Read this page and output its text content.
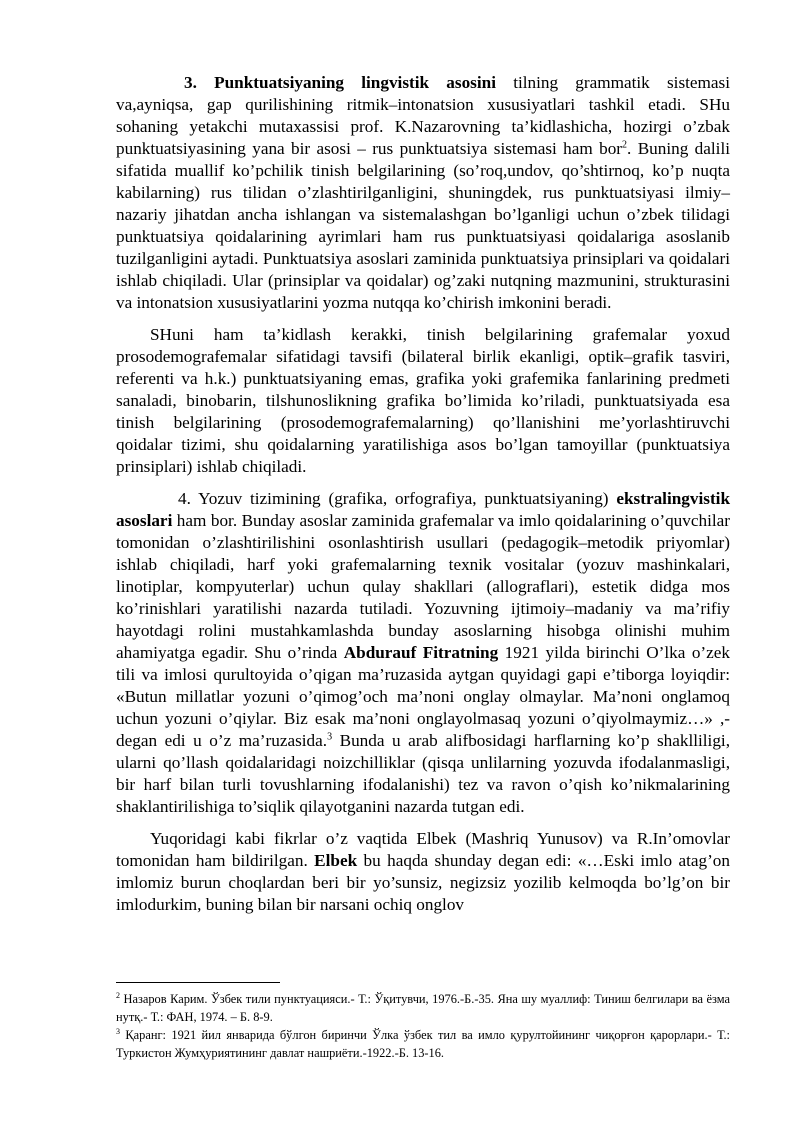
3. Punktuatsiyaning lingvistik asosini tilning grammatik sistemasi va,ayniqsa, gap qurilishining ritmik–intonatsion xususiyatlari tashkil etadi. SHu sohaning yetakchi mutaxassisi prof. K.Nazarovning ta’kidlashicha, hozirgi o’zbak punktuatsiyasining yana bir asosi – rus punktuatsiya sistemasi ham bor$^2$. Buning dalili sifatida muallif ko’pchilik tinish belgilarining (so’roq,undov, qo’shtirnoq, ko’p nuqta kabilarning) rus tilidan o’zlashtirilganligini, shuningdek, rus punktuatsiyasi ilmiy–nazariy jihatdan ancha ishlangan va sistemalashgan bo’lganligi uchun o’zbek tilidagi punktuatsiya qoidalarining ayrimlari ham rus punktuatsiyasi qoidalariga asoslanib tuzilganligini aytadi. Punktuatsiya asoslari zaminida punktuatsiya prinsiplari va qoidalari ishlab chiqiladi. Ular (prinsiplar va qoidalar) og’zaki nutqning mazmunini, strukturasini va intonatsion xususiyatlarini yozma nutqqa ko’chirish imkonini beradi.

SHuni ham ta’kidlash kerakki, tinish belgilarining grafemalar yoxud prosodemografemalar sifatidagi tavsifi (bilateral birlik ekanligi, optik–grafik tasviri, referenti va h.k.) punktuatsiyaning emas, grafika yoki grafemika fanlarining predmeti sanaladi, binobarin, tilshunoslikning grafika bo’limida ko’riladi, punktuatsiyada esa tinish belgilarining (prosodemografemalarning) qo’llanishini me’yorlashtiruvchi qoidalar tizimi, shu qoidalarning yaratilishiga asos bo’lgan tamoyillar (punktuatsiya prinsiplari) ishlab chiqiladi.

4. Yozuv tizimining (grafika, orfografiya, punktuatsiyaning) ekstralingvistik asoslari ham bor. Bunday asoslar zaminida grafemalar va imlo qoidalarining o’quvchilar tomonidan o’zlashtirilishini osonlashtirish usullari (pedagogik–metodik priyomlar) ishlab chiqiladi, harf yoki grafemalarning texnik vositalar (yozuv mashinkalari, linotiplar, kompyuterlar) uchun qulay shakllari (allograflari), estetik didga mos ko’rinishlari yaratilishi nazarda tutiladi. Yozuvning ijtimoiy–madaniy va ma’rifiy hayotdagi rolini mustahkamlashda bunday asoslarning hisobga olinishi muhim ahamiyatga egadir. Shu o’rinda Abdurauf Fitratning 1921 yilda birinchi O’lka o’zek tili va imlosi qurultoyida o’qigan ma’ruzasida aytgan quyidagi gapi e’tiborga loyiqdir: «Butun millatlar yozuni o’qimog’och ma’noni onglay olmaylar. Ma’noni onglamoq uchun yozuni o’qiylar. Biz esak ma’noni onglayolmasaq yozuni o’qiyolmaymiz…» ,- degan edi u o’z ma’ruzasida.$^3$ Bunda u arab alifbosidagi harflarning ko’p shaklliligi, ularni qo’llash qoidalaridagi noizchilliklar (qisqa unlilarning yozuvda ifodalanmasligi, bir harf bilan turli tovushlarning ifodalanishi) tez va ravon o’qish ko’nikmalarining shaklantirilishiga to’siqlik qilayotganini nazarda tutgan edi.

Yuqoridagi kabi fikrlar o’z vaqtida Elbek (Mashriq Yunusov) va R.In’omovlar tomonidan ham bildirilgan. Elbek bu haqda shunday degan edi: «…Eski imlo atag’on imlomiz burun choqlardan beri bir yo’sunsiz, negizsiz yozilib kelmoqda bo’lg’on bir imlodurkim, buning bilan bir narsani ochiq onglov

$^2$ Назаров Карим. Ўзбек тили пунктуацияси.- Т.: Ўқитувчи, 1976.-Б.-35. Яна шу муаллиф: Тиниш белгилари ва ёзма нутқ.- Т.: ФАН, 1974. – Б. 8-9.

$^3$ Қаранг: 1921 йил январида бўлгон биринчи Ўлка ўзбек тил ва имло қурултойининг чиқорғон қарорлари.- Т.: Туркистон Жумҳуриятининг давлат нашриёти.-1922.-Б. 13-16.
